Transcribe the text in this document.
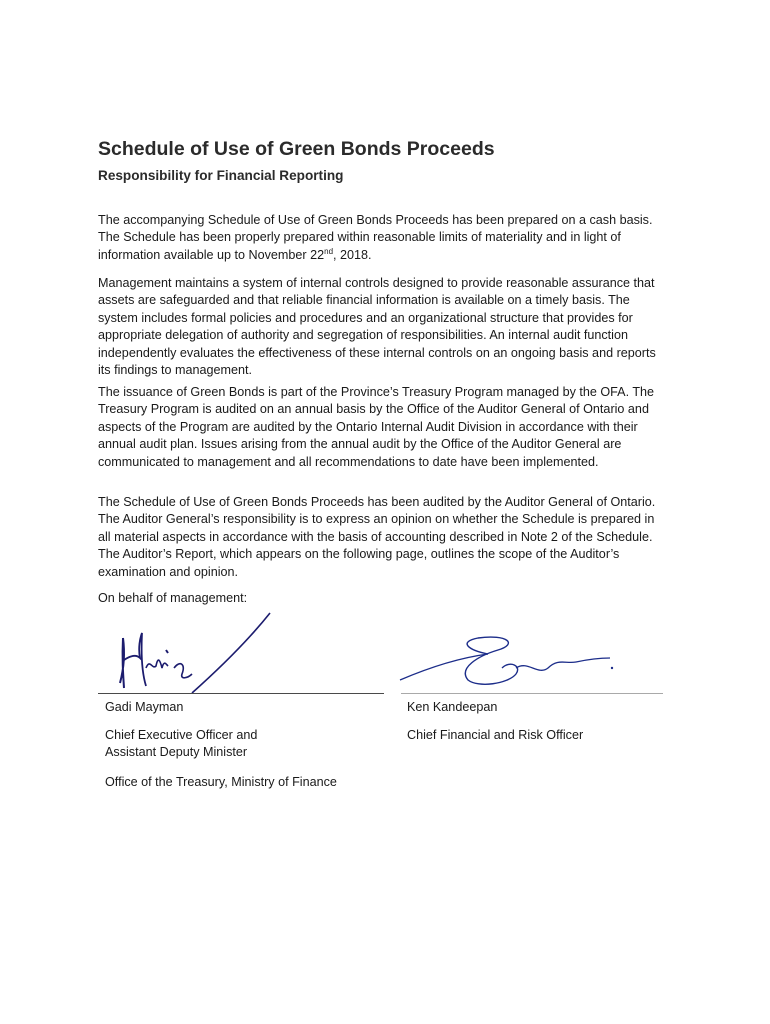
Schedule of Use of Green Bonds Proceeds
Responsibility for Financial Reporting

The accompanying Schedule of Use of Green Bonds Proceeds has been prepared on a cash basis. The Schedule has been properly prepared within reasonable limits of materiality and in light of information available up to November 22nd, 2018.

Management maintains a system of internal controls designed to provide reasonable assurance that assets are safeguarded and that reliable financial information is available on a timely basis. The system includes formal policies and procedures and an organizational structure that provides for appropriate delegation of authority and segregation of responsibilities. An internal audit function independently evaluates the effectiveness of these internal controls on an ongoing basis and reports its findings to management.

The issuance of Green Bonds is part of the Province’s Treasury Program managed by the OFA. The Treasury Program is audited on an annual basis by the Office of the Auditor General of Ontario and aspects of the Program are audited by the Ontario Internal Audit Division in accordance with their annual audit plan. Issues arising from the annual audit by the Office of the Auditor General are communicated to management and all recommendations to date have been implemented.

The Schedule of Use of Green Bonds Proceeds has been audited by the Auditor General of Ontario. The Auditor General’s responsibility is to express an opinion on whether the Schedule is prepared in all material aspects in accordance with the basis of accounting described in Note 2 of the Schedule. The Auditor’s Report, which appears on the following page, outlines the scope of the Auditor’s examination and opinion.

On behalf of management:

Gadi Mayman

Chief Executive Officer and

Assistant Deputy Minister

Office of the Treasury, Ministry of Finance

Ken Kandeepan

Chief Financial and Risk Officer
